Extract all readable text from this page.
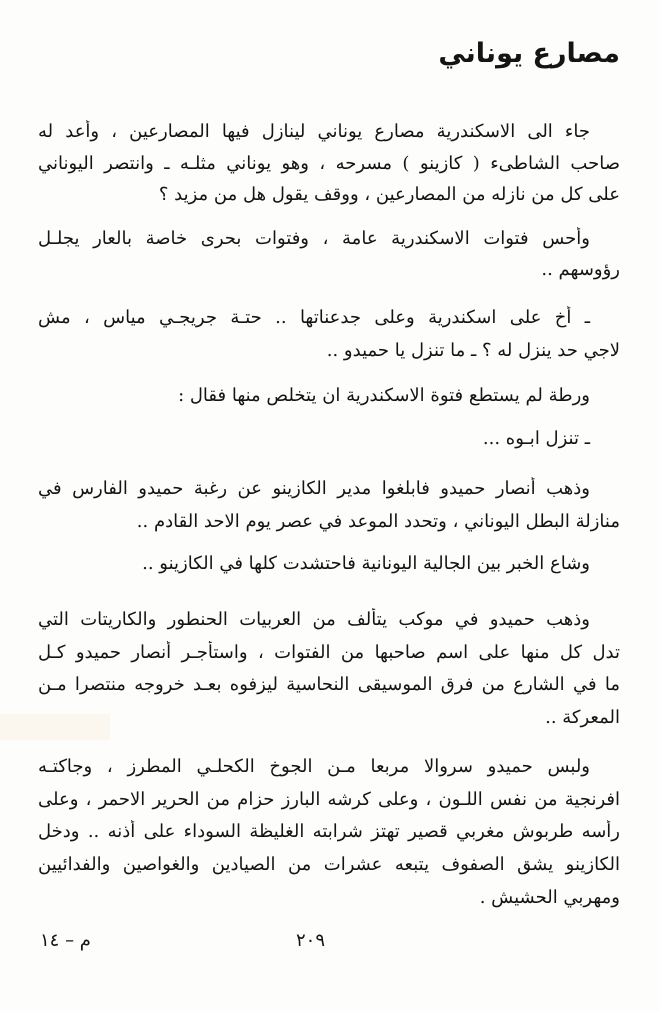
مصارع يوناني
جاء الى الاسكندرية مصارع يوناني لينازل فيها المصارعين ، وأعد له
صاحب الشاطىء ( كازينو ) مسرحه ، وهو يوناني مثلـه ـ وانتصر اليوناني
على كل من نازله من المصارعين ، ووقف يقول هل من مزيد ؟
وأحس فتوات الاسكندرية عامة ، وفتوات بحرى خاصة بالعار يجلـل
رؤوسهم ..
ـ أخ على اسكندرية وعلى جدعناتها .. حتـة جريجـي مياس ، مش
لاجي حد ينزل له ؟ ـ ما تنزل يا حميدو ..
ورطة لم يستطع فتوة الاسكندرية ان يتخلص منها فقال :
ـ تنزل ابـوه ...
وذهب أنصار حميدو فابلغوا مدير الكازينو عن رغبة حميدو الفارس في
منازلة البطل اليوناني ، وتحدد الموعد في عصر يوم الاحد القادم ..
وشاع الخبر بين الجالية اليونانية فاحتشدت كلها في الكازينو ..
وذهب حميدو في موكب يتألف من العربيات الحنطور والكاريتات التي
تدل كل منها على اسم صاحبها من الفتوات ، واستأجـر أنصار حميدو كـل
ما في الشارع من فرق الموسيقى النحاسية ليزفوه بعـد خروجه منتصرا مـن
المعركة ..
ولبس حميدو سروالا مربعا مـن الجوخ الكحلـي المطرز ، وجاكتـه
افرنجية من نفس اللـون ، وعلى كرشه البارز حزام من الحرير الاحمر ، وعلى
رأسه طربوش مغربي قصير تهتز شرابته الغليظة السوداء على أذنه .. ودخل
الكازينو يشق الصفوف يتبعه عشرات من الصيادين والغواصين والفدائيين
ومهربي الحشيش .
٢٠٩
م – ١٤
